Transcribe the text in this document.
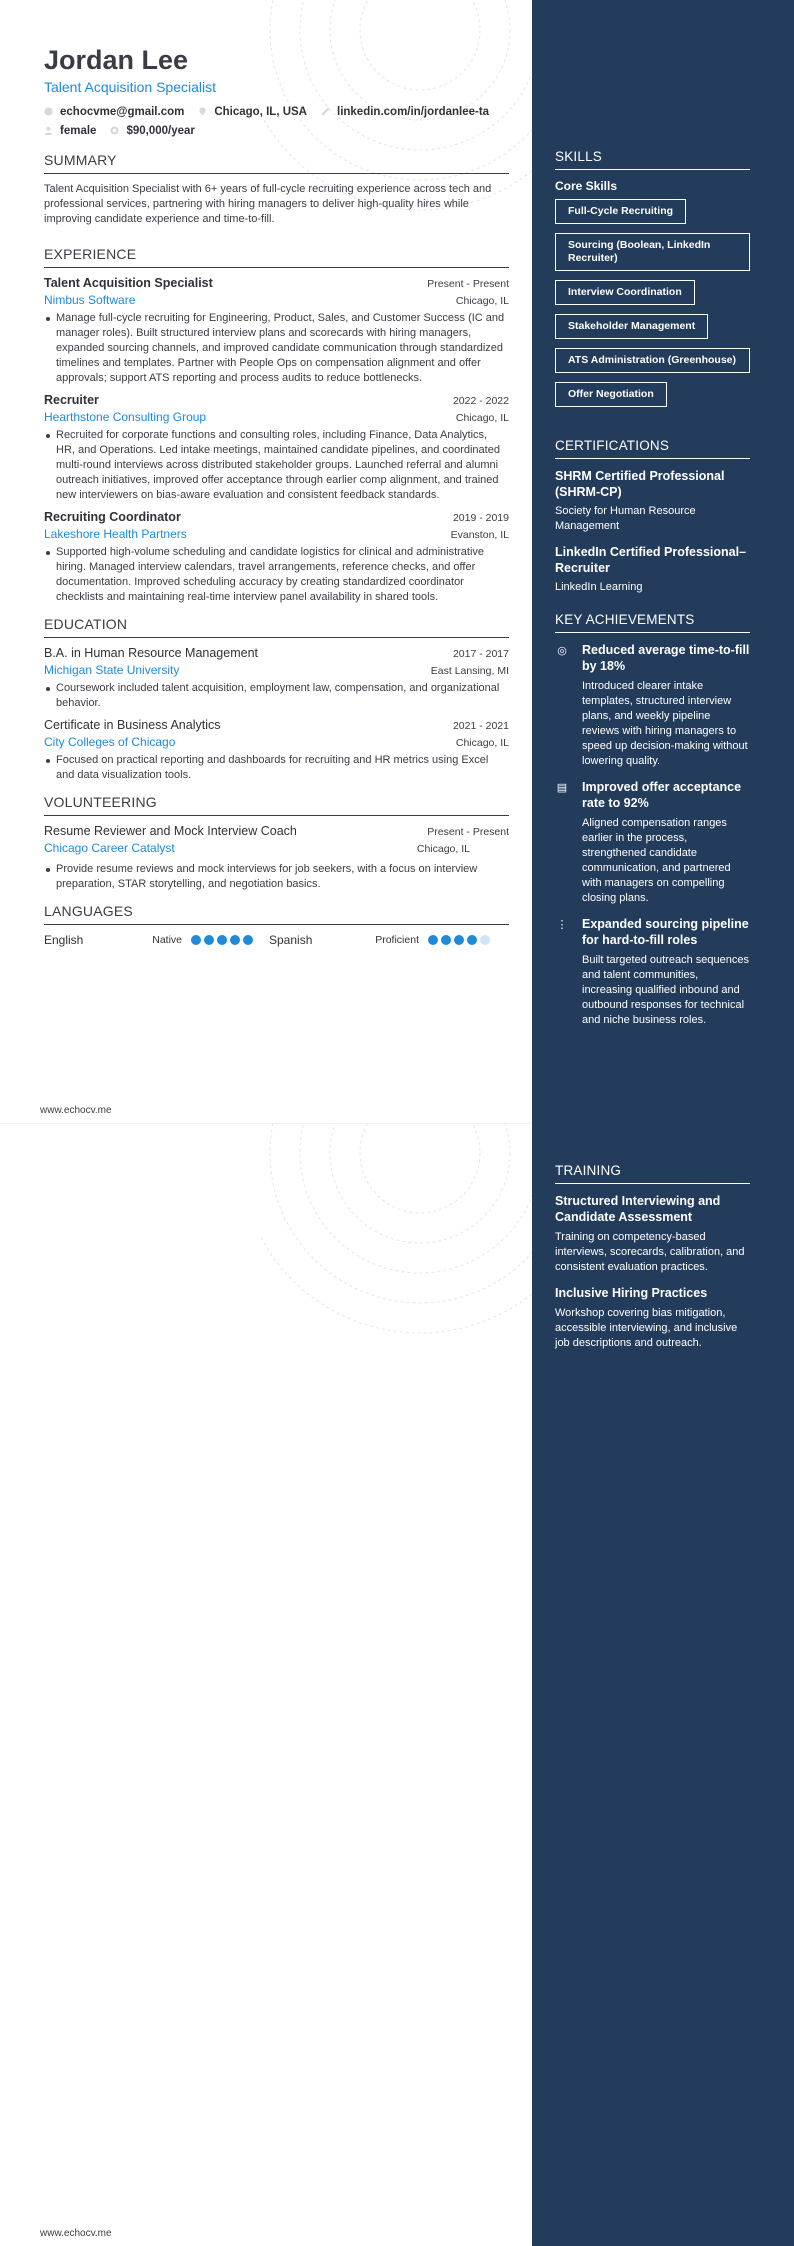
Jordan Lee
Talent Acquisition Specialist
echocvme@gmail.com	Chicago, IL, USA	linkedin.com/in/jordanlee-ta
female	$90,000/year
SUMMARY
Talent Acquisition Specialist with 6+ years of full-cycle recruiting experience across tech and professional services, partnering with hiring managers to deliver high-quality hires while improving candidate experience and time-to-fill.
EXPERIENCE
Talent Acquisition Specialist	Present - Present
Nimbus Software	Chicago, IL
Manage full-cycle recruiting for Engineering, Product, Sales, and Customer Success (IC and manager roles). Built structured interview plans and scorecards with hiring managers, expanded sourcing channels, and improved candidate communication through standardized timelines and templates. Partner with People Ops on compensation alignment and offer approvals; support ATS reporting and process audits to reduce bottlenecks.
Recruiter	2022 - 2022
Hearthstone Consulting Group	Chicago, IL
Recruited for corporate functions and consulting roles, including Finance, Data Analytics, HR, and Operations. Led intake meetings, maintained candidate pipelines, and coordinated multi-round interviews across distributed stakeholder groups. Launched referral and alumni outreach initiatives, improved offer acceptance through earlier comp alignment, and trained new interviewers on bias-aware evaluation and consistent feedback standards.
Recruiting Coordinator	2019 - 2019
Lakeshore Health Partners	Evanston, IL
Supported high-volume scheduling and candidate logistics for clinical and administrative hiring. Managed interview calendars, travel arrangements, reference checks, and offer documentation. Improved scheduling accuracy by creating standardized coordinator checklists and maintaining real-time interview panel availability in shared tools.
EDUCATION
B.A. in Human Resource Management	2017 - 2017
Michigan State University	East Lansing, MI
Coursework included talent acquisition, employment law, compensation, and organizational behavior.
Certificate in Business Analytics	2021 - 2021
City Colleges of Chicago	Chicago, IL
Focused on practical reporting and dashboards for recruiting and HR metrics using Excel and data visualization tools.
VOLUNTEERING
Resume Reviewer and Mock Interview Coach	Present - Present
Chicago Career Catalyst	Chicago, IL
Provide resume reviews and mock interviews for job seekers, with a focus on interview preparation, STAR storytelling, and negotiation basics.
LANGUAGES
English	Native	Spanish	Proficient
www.echocv.me
www.echocv.me
SKILLS
Core Skills
Full-Cycle Recruiting
Sourcing (Boolean, LinkedIn Recruiter)
Interview Coordination
Stakeholder Management
ATS Administration (Greenhouse)
Offer Negotiation
CERTIFICATIONS
SHRM Certified Professional (SHRM-CP)
Society for Human Resource Management
LinkedIn Certified Professional–Recruiter
LinkedIn Learning
KEY ACHIEVEMENTS
◎ Reduced average time-to-fill by 18%
Introduced clearer intake templates, structured interview plans, and weekly pipeline reviews with hiring managers to speed up decision-making without lowering quality.
▤ Improved offer acceptance rate to 92%
Aligned compensation ranges earlier in the process, strengthened candidate communication, and partnered with managers on compelling closing plans.
⋮ Expanded sourcing pipeline for hard-to-fill roles
Built targeted outreach sequences and talent communities, increasing qualified inbound and outbound responses for technical and niche business roles.
TRAINING
Structured Interviewing and Candidate Assessment
Training on competency-based interviews, scorecards, calibration, and consistent evaluation practices.
Inclusive Hiring Practices
Workshop covering bias mitigation, accessible interviewing, and inclusive job descriptions and outreach.
